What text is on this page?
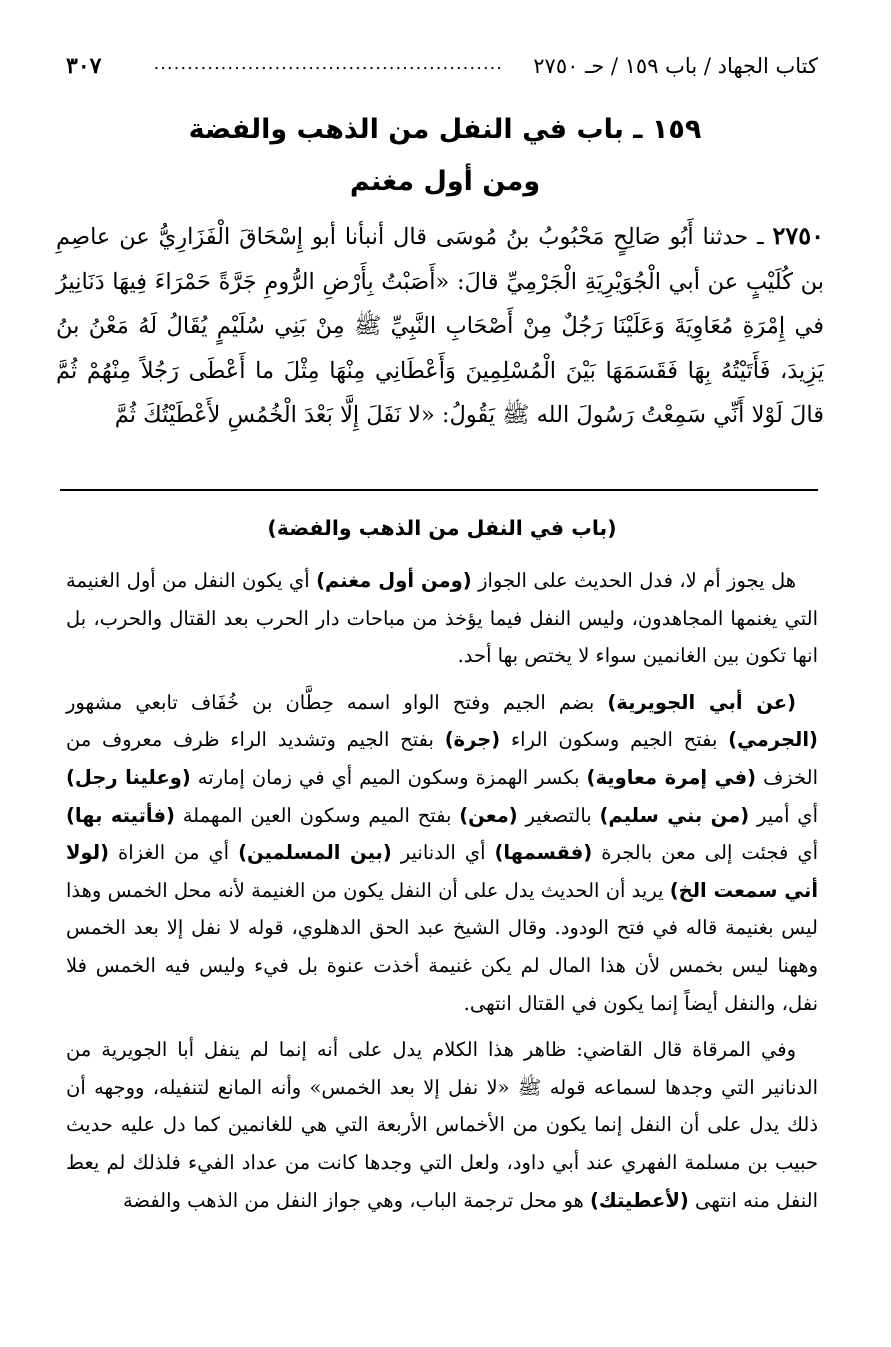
كتاب الجهاد / باب ١٥٩ / حـ ٢٧٥٠
....................................................
٣٠٧
١٥٩ ـ باب في النفل من الذهب والفضة
ومن أول مغنم
٢٧٥٠ ـ حدثنا أَبُو صَالِحٍ مَحْبُوبُ بنُ مُوسَى قال أنبأنا أبو إِسْحَاقَ الْفَزَارِيُّ عن عاصِمِ بن كُلَيْبٍ عن أبي الْجُوَيْرِيَةِ الْجَرْمِيِّ قالَ: «أَصَبْتُ بِأَرْضِ الرُّومِ جَرَّةً حَمْرَاءَ فِيهَا دَنَانِيرُ في إِمْرَةِ مُعَاوِيَةَ وَعَلَيْنَا رَجُلٌ مِنْ أَصْحَابِ النَّبِيِّ ﷺ مِنْ بَنِي سُلَيْمٍ يُقَالُ لَهُ مَعْنُ بنُ يَزِيدَ، فَأَتَيْتُهُ بِهَا فَقَسَمَهَا بَيْنَ الْمُسْلِمِينَ وَأَعْطَانِي مِنْهَا مِثْلَ ما أَعْطَى رَجُلاً مِنْهُمْ ثُمَّ قالَ لَوْلا أَنِّي سَمِعْتُ رَسُولَ الله ﷺ يَقُولُ: «لا نَفَلَ إِلَّا بَعْدَ الْخُمُسِ لأَعْطَيْتُكَ ثُمَّ
(باب في النفل من الذهب والفضة)

هل يجوز أم لا، فدل الحديث على الجواز (ومن أول مغنم) أي يكون النفل من أول الغنيمة التي يغنمها المجاهدون، وليس النفل فيما يؤخذ من مباحات دار الحرب بعد القتال والحرب، بل انها تكون بين الغانمين سواء لا يختص بها أحد.

(عن أبي الجويرية) بضم الجيم وفتح الواو اسمه حِطَّان بن خُفَاف تابعي مشهور (الجرمي) بفتح الجيم وسكون الراء (جرة) بفتح الجيم وتشديد الراء ظرف معروف من الخزف (في إمرة معاوية) بكسر الهمزة وسكون الميم أي في زمان إمارته (وعلينا رجل) أي أمير (من بني سليم) بالتصغير (معن) بفتح الميم وسكون العين المهملة (فأتيته بها) أي فجئت إلى معن بالجرة (فقسمها) أي الدنانير (بين المسلمين) أي من الغزاة (لولا أني سمعت الخ) يريد أن الحديث يدل على أن النفل يكون من الغنيمة لأنه محل الخمس وهذا ليس بغنيمة قاله في فتح الودود. وقال الشيخ عبد الحق الدهلوي، قوله لا نفل إلا بعد الخمس وههنا ليس بخمس لأن هذا المال لم يكن غنيمة أخذت عنوة بل فيء وليس فيه الخمس فلا نفل، والنفل أيضاً إنما يكون في القتال انتهى.

وفي المرقاة قال القاضي: ظاهر هذا الكلام يدل على أنه إنما لم ينفل أبا الجويرية من الدنانير التي وجدها لسماعه قوله ﷺ «لا نفل إلا بعد الخمس» وأنه المانع لتنفيله، ووجهه أن ذلك يدل على أن النفل إنما يكون من الأخماس الأربعة التي هي للغانمين كما دل عليه حديث حبيب بن مسلمة الفهري عند أبي داود، ولعل التي وجدها كانت من عداد الفيء فلذلك لم يعط النفل منه انتهى (لأعطيتك) هو محل ترجمة الباب، وهي جواز النفل من الذهب والفضة
